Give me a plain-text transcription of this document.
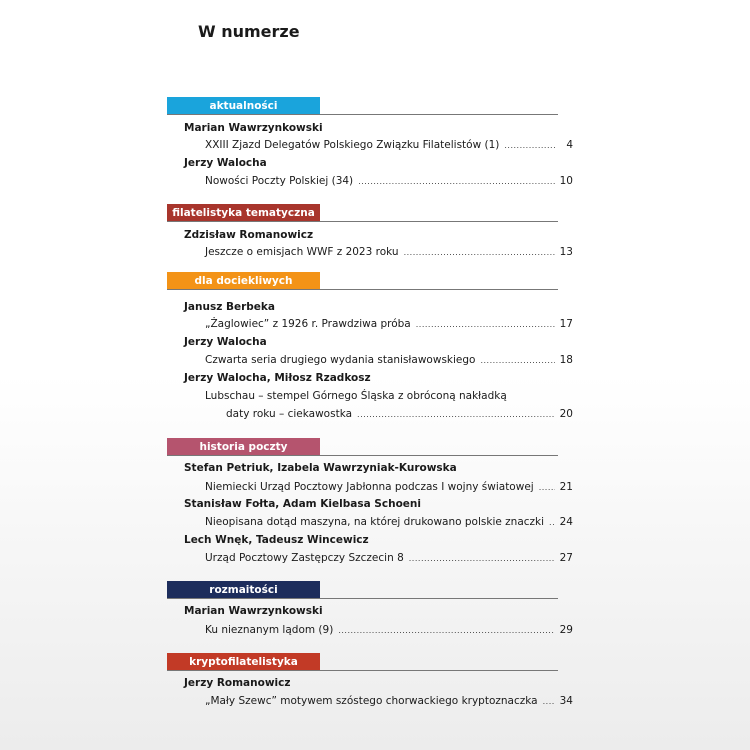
W numerze
aktualności
Marian Wawrzynkowski
XXIII Zjazd Delegatów Polskiego Związku Filatelistów (1) .....	4
Jerzy Walocha
Nowości Poczty Polskiej (34) .....	10
filatelistyka tematyczna
Zdzisław Romanowicz
Jeszcze o emisjach WWF z 2023 roku .....	13
dla dociekliwych
Janusz Berbeka
„Żaglowiec” z 1926 r. Prawdziwa próba .....	17
Jerzy Walocha
Czwarta seria drugiego wydania stanisławowskiego .....	18
Jerzy Walocha, Miłosz Rzadkosz
Lubschau – stempel Górnego Śląska z obróconą nakładką
daty roku – ciekawostka .....	20
historia poczty
Stefan Petriuk, Izabela Wawrzyniak-Kurowska
Niemiecki Urząd Pocztowy Jabłonna podczas I wojny światowej ..... 21
Stanisław Fołta, Adam Kielbasa Schoeni
Nieopisana dotąd maszyna, na której drukowano polskie znaczki ..... 24
Lech Wnęk, Tadeusz Wincewicz
Urząd Pocztowy Zastępczy Szczecin 8 .....	27
rozmaitości
Marian Wawrzynkowski
Ku nieznanym lądom (9) .....	29
kryptofilatelistyka
Jerzy Romanowicz
„Mały Szewc” motywem szóstego chorwackiego kryptoznaczka ..... 34
